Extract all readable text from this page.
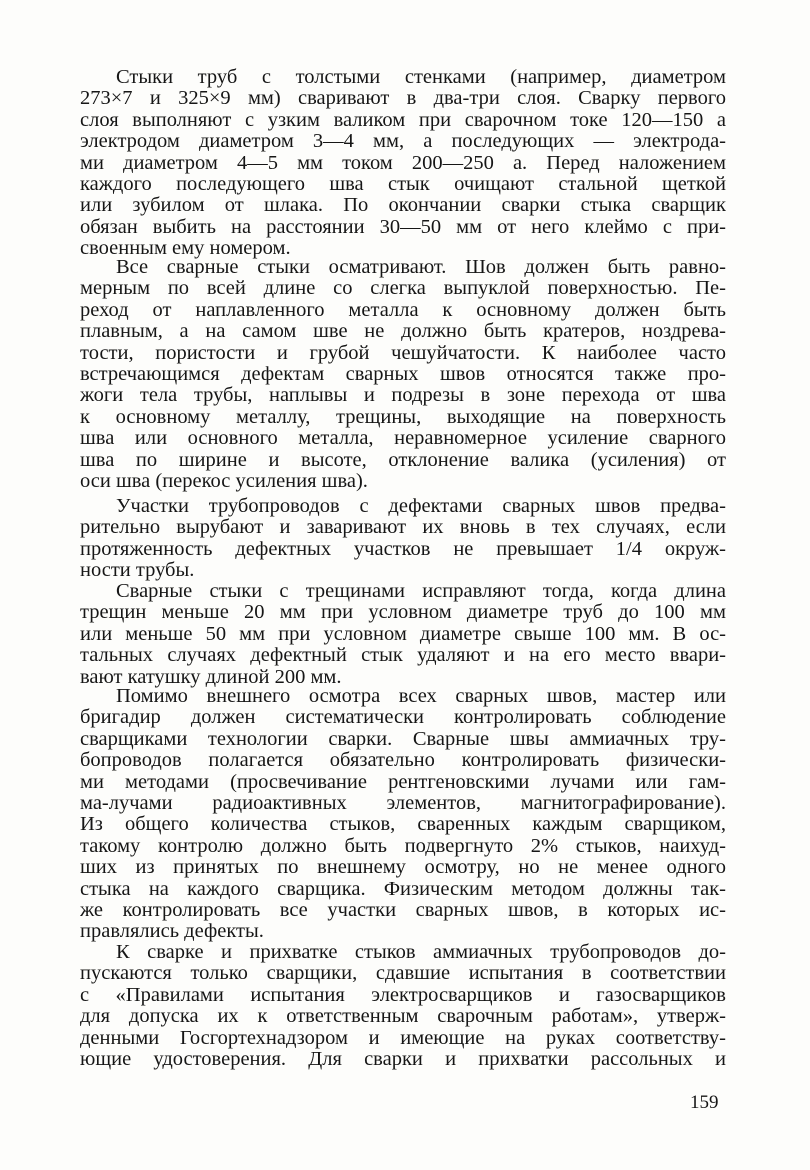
Стыки труб с толстыми стенками (например, диаметром
273×7 и 325×9 мм) сваривают в два-три слоя. Сварку первого
слоя выполняют с узким валиком при сварочном токе 120—150 а
электродом диаметром 3—4 мм, а последующих — электрода-
ми диаметром 4—5 мм током 200—250 а. Перед наложением
каждого последующего шва стык очищают стальной щеткой
или зубилом от шлака. По окончании сварки стыка сварщик
обязан выбить на расстоянии 30—50 мм от него клеймо с при-
своенным ему номером.
Все сварные стыки осматривают. Шов должен быть равно-
мерным по всей длине со слегка выпуклой поверхностью. Пе-
реход от наплавленного металла к основному должен быть
плавным, а на самом шве не должно быть кратеров, ноздрева-
тости, пористости и грубой чешуйчатости. К наиболее часто
встречающимся дефектам сварных швов относятся также про-
жоги тела трубы, наплывы и подрезы в зоне перехода от шва
к основному металлу, трещины, выходящие на поверхность
шва или основного металла, неравномерное усиление сварного
шва по ширине и высоте, отклонение валика (усиления) от
оси шва (перекос усиления шва).
Участки трубопроводов с дефектами сварных швов предва-
рительно вырубают и заваривают их вновь в тех случаях, если
протяженность дефектных участков не превышает 1/4 окруж-
ности трубы.
Сварные стыки с трещинами исправляют тогда, когда длина
трещин меньше 20 мм при условном диаметре труб до 100 мм
или меньше 50 мм при условном диаметре свыше 100 мм. В ос-
тальных случаях дефектный стык удаляют и на его место ввари-
вают катушку длиной 200 мм.
Помимо внешнего осмотра всех сварных швов, мастер или
бригадир должен систематически контролировать соблюдение
сварщиками технологии сварки. Сварные швы аммиачных тру-
бопроводов полагается обязательно контролировать физически-
ми методами (просвечивание рентгеновскими лучами или гам-
ма-лучами радиоактивных элементов, магнитографирование).
Из общего количества стыков, сваренных каждым сварщиком,
такому контролю должно быть подвергнуто 2% стыков, наихуд-
ших из принятых по внешнему осмотру, но не менее одного
стыка на каждого сварщика. Физическим методом должны так-
же контролировать все участки сварных швов, в которых ис-
правлялись дефекты.
К сварке и прихватке стыков аммиачных трубопроводов до-
пускаются только сварщики, сдавшие испытания в соответствии
с «Правилами испытания электросварщиков и газосварщиков
для допуска их к ответственным сварочным работам», утверж-
денными Госгортехнадзором и имеющие на руках соответству-
ющие удостоверения. Для сварки и прихватки рассольных и
159
